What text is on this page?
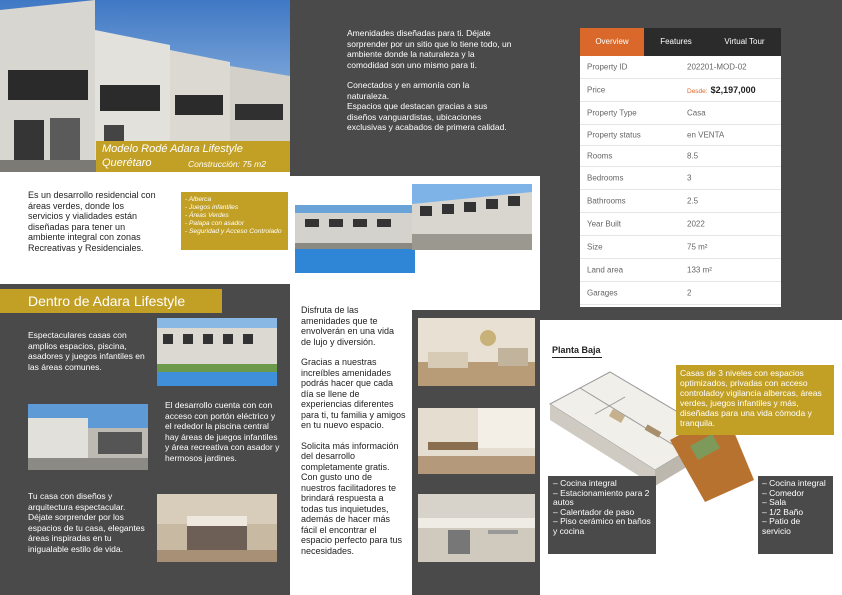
Modelo Rodé Adara Lifestyle
Querétaro	Construcción: 75 m2

Amenidades diseñadas para ti. Déjate sorprender por un sitio que lo tiene todo, un ambiente donde la naturaleza y la comodidad son uno mismo para ti.

Conectados y en armonía con la naturaleza.

Espacios que destacan gracias a sus diseños vanguardistas, ubicaciones exclusivas y acabados de primera calidad.

Overview	Features	Virtual Tour
Property ID	202201-MOD-02
Price	Desde: $2,197,000
Property Type	Casa
Property status	en VENTA
Rooms	8.5
Bedrooms	3
Bathrooms	2.5
Year Built	2022
Size	75 m²
Land area	133 m²
Garages	2
Es un desarrollo residencial con áreas verdes, donde los servicios y vialidades están diseñadas para tener un ambiente integral con zonas Recreativas y Residenciales.
- Alberca
- Juegos infantiles
- Áreas Verdes
- Palapa con asador
- Seguridad y Acceso Controlado
Dentro de Adara Lifestyle
Espectaculares casas con amplios espacios, piscina, asadores y juegos infantiles en las áreas comunes.
El desarrollo cuenta con con acceso con portón eléctrico y el rededor la piscina central hay áreas de juegos infantiles y área recreativa con asador y hermosos jardines.
Tu casa con diseños y arquitectura espectacular. Déjate sorprender por los espacios de tu casa, elegantes áreas inspiradas en tu inigualable estilo de vida.

Disfruta de las amenidades que te envolverán en una vida de lujo y diversión.

Gracias a nuestras increíbles amenidades podrás hacer que cada día se llene de experiencias diferentes para ti, tu familia y amigos en tu nuevo espacio.

Solicita más información del desarrollo completamente gratis. Con gusto uno de nuestros facilitadores te brindará respuesta a todas tus inquietudes, además de hacer más fácil el encontrar el espacio perfecto para tus necesidades.

Planta Baja
Casas de 3 niveles con espacios optimizados, privadas con acceso controladoy vigilancia albercas, áreas verdes, juegos infantiles y más, diseñadas para una vida cómoda y tranquila.
– Cocina integral
– Estacionamiento para 2 autos
– Calentador de paso
– Piso cerámico en baños y cocina
– Cocina integral
– Comedor
– Sala
– 1/2 Baño
– Patio de servicio
